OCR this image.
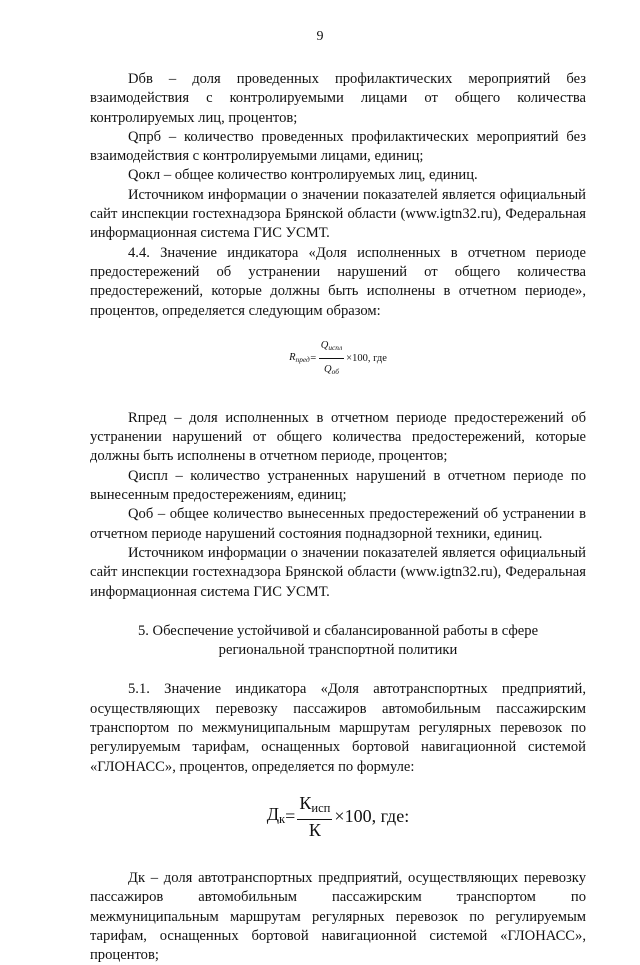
9

Dбв – доля проведенных профилактических мероприятий без взаимодействия с контролируемыми лицами от общего количества контролируемых лиц, процентов;

Qпрб – количество проведенных профилактических мероприятий без взаимодействия с контролируемыми лицами, единиц;

Qокл – общее количество контролируемых лиц, единиц.

Источником информации о значении показателей является официальный сайт инспекции гостехнадзора Брянской области (www.igtn32.ru), Федеральная информационная система ГИС УСМТ.

4.4. Значение индикатора «Доля исполненных в отчетном периоде предостережений об устранении нарушений от общего количества предостережений, которые должны быть исполнены в отчетном периоде», процентов, определяется следующим образом:

$R_{пред} = \frac{Q_{испл}}{Q_{об}} \times 100$, где

Rпред – доля исполненных в отчетном периоде предостережений об устранении нарушений от общего количества предостережений, которые должны быть исполнены в отчетном периоде, процентов;

Qиспл – количество устраненных нарушений в отчетном периоде по вынесенным предостережениям, единиц;

Qоб – общее количество вынесенных предостережений об устранении в отчетном периоде нарушений состояния поднадзорной техники, единиц.

Источником информации о значении показателей является официальный сайт инспекции гостехнадзора Брянской области (www.igtn32.ru), Федеральная информационная система ГИС УСМТ.

5. Обеспечение устойчивой и сбалансированной работы в сфере
региональной транспортной политики

5.1. Значение индикатора «Доля автотранспортных предприятий, осуществляющих перевозку пассажиров автомобильным пассажирским транспортом по межмуниципальным маршрутам регулярных перевозок по регулируемым тарифам, оснащенных бортовой навигационной системой «ГЛОНАСС», процентов, определяется по формуле:

$Д_к = \frac{К_{исп}}{К} \times 100$, где:

Дк – доля автотранспортных предприятий, осуществляющих перевозку пассажиров автомобильным пассажирским транспортом по межмуниципальным маршрутам регулярных перевозок по регулируемым тарифам, оснащенных бортовой навигационной системой «ГЛОНАСС», процентов;
